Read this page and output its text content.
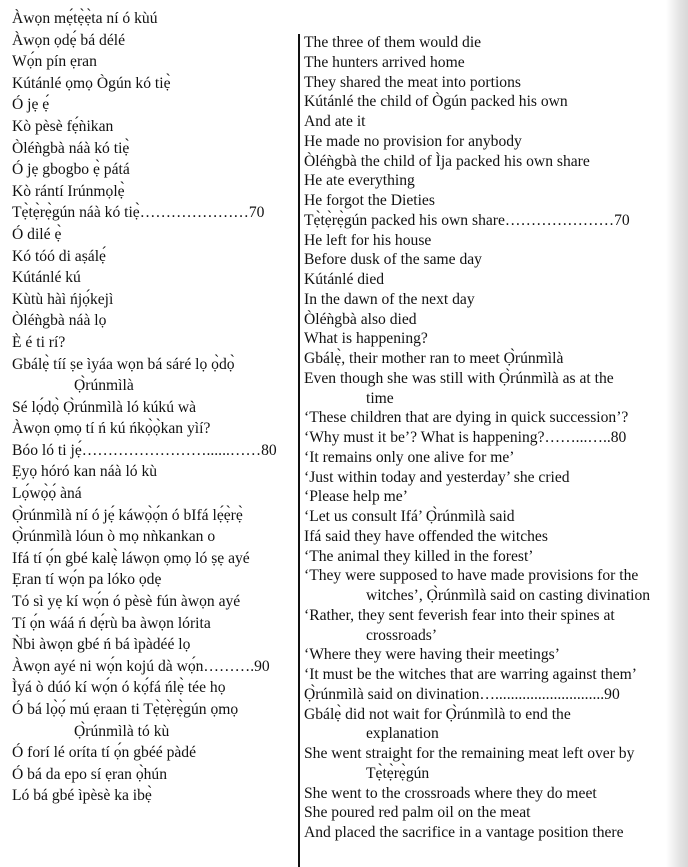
Àwọn mẹ́tẹ̀ẹ̀ta ní ó kùú
Àwọn ọdẹ́ bá délé
Wọ́n pín ẹran
Kútánlé ọmọ Ògún kó tiẹ̀
Ó jẹ ẹ́
Kò pèsè fẹ́ǹikan
Òléǹgbà náà kó tiẹ̀
Ó jẹ gbogbo ẹ̀ pátá
Kò rántí Irúnmọlẹ̀
Tẹ̀tẹ̀rẹ̀gún náà kó tiẹ̀…………………70
Ó dilé ẹ̀
Kó tóó di aṣálẹ́
Kútánlé kú
Kùtù hàì ńjọ́kejì
Òléǹgbà náà lọ
È é ti rí?
Gbálẹ̀ tíí ṣe ìyáa wọn bá sáré lọ ọ̀dọ̀
Ọ̀rúnmìlà
Sé lọ́dọ̀ Ọ̀rúnmìlà ló kúkú wà
Àwọn ọmọ tí ń kú ńkọ̀ọ̀kan yìí?
Bóo ló ti jẹ́……………………......……80
Ẹyọ hóró kan náà ló kù
Lọ́wọ̀ọ́ àná
Ọ̀rúnmìlà ní ó jẹ́ káwọ̀ọ́n ó bIfá lẹ́ẹ̀rẹ̀
Ọ̀rúnmìlà lóun ò mọ nǹkankan o
Ifá tí ọ́n gbé kalẹ̀ láwọn ọmọ ló ṣẹ ayé
Ẹran tí wọ́n pa lóko ọdẹ
Tó sì yẹ kí wọ́n ó pèsè fún àwọn ayé
Tí ọ́n wáá ń dẹ́rù ba àwọn lórita
Ǹbi àwọn gbé ń bá ìpàdéé lọ
Àwọn ayé ni wọ́n kojú dà wọ́n……….90
Ìyá ò dúó kí wọ́n ó kọ́fá ńlẹ̀ tée họ
Ó bá lọ̀ọ́ mú ẹraan ti Tẹ̀tẹ̀rẹ̀gún ọmọ
Ọ̀rúnmìlà tó kù
Ó forí lé oríta tí ọ́n gbéé pàdé
Ó bá da epo sí ẹran ọ̀hún
Ló bá gbé ìpèsè ka ibẹ̀
The three of them would die
The hunters arrived home
They shared the meat into portions
Kútánlé the child of Ògún packed his own
And ate it
He made no provision for anybody
Òléǹgbà the child of Ìja packed his own share
He ate everything
He forgot the Dieties
Tẹ̀tẹ̀rẹ̀gún packed his own share…………………70
He left for his house
Before dusk of the same day
Kútánlé died
In the dawn of the next day
Òléǹgbà also died
What is happening?
Gbálẹ̀, their mother ran to meet Ọ̀rúnmìlà
Even though she was still with Ọ̀rúnmìlà as at the
time
‘These children that are dying in quick succession’?
‘Why must it be’? What is happening?……...…..80
‘It remains only one alive for me’
‘Just within today and yesterday’ she cried
‘Please help me’
‘Let us consult Ifá’ Ọ̀rúnmìlà said
Ifá said they have offended the witches
‘The animal they killed in the forest’
‘They were supposed to have made provisions for the
witches’, Ọ̀rúnmìlà said on casting divination
‘Rather, they sent feverish fear into their spines at
crossroads’
‘Where they were having their meetings’
‘It must be the witches that are warring against them’
Ọ̀rúnmìlà said on divination…............................90
Gbálẹ̀ did not wait for Ọ̀rúnmìlà to end the
explanation
She went straight for the remaining meat left over by
Tẹ̀tẹ̀rẹ̀gún
She went to the crossroads where they do meet
She poured red palm oil on the meat
And placed the sacrifice in a vantage position there
